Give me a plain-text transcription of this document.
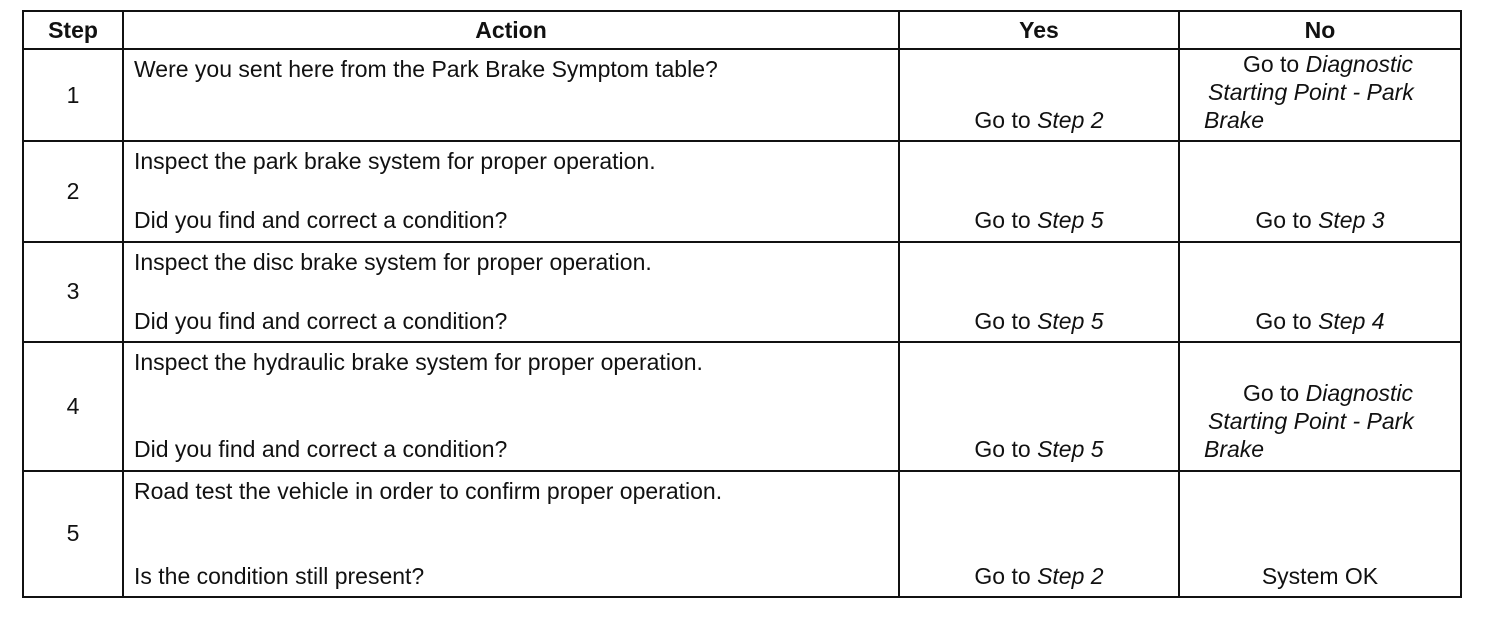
Step	Action	Yes	No
1	Were you sent here from the Park Brake Symptom table?	Go to Step 2	Go to Diagnostic
Starting Point - Park
Brake

2	Inspect the park brake system for proper operation.
Did you find and correct a condition?	Go to Step 5	Go to Step 3

3	Inspect the disc brake system for proper operation.
Did you find and correct a condition?	Go to Step 5	Go to Step 4

4	Inspect the hydraulic brake system for proper operation.
Did you find and correct a condition?	Go to Step 5	Go to Diagnostic
Starting Point - Park
Brake

5	Road test the vehicle in order to confirm proper operation.
Is the condition still present?	Go to Step 2	System OK
